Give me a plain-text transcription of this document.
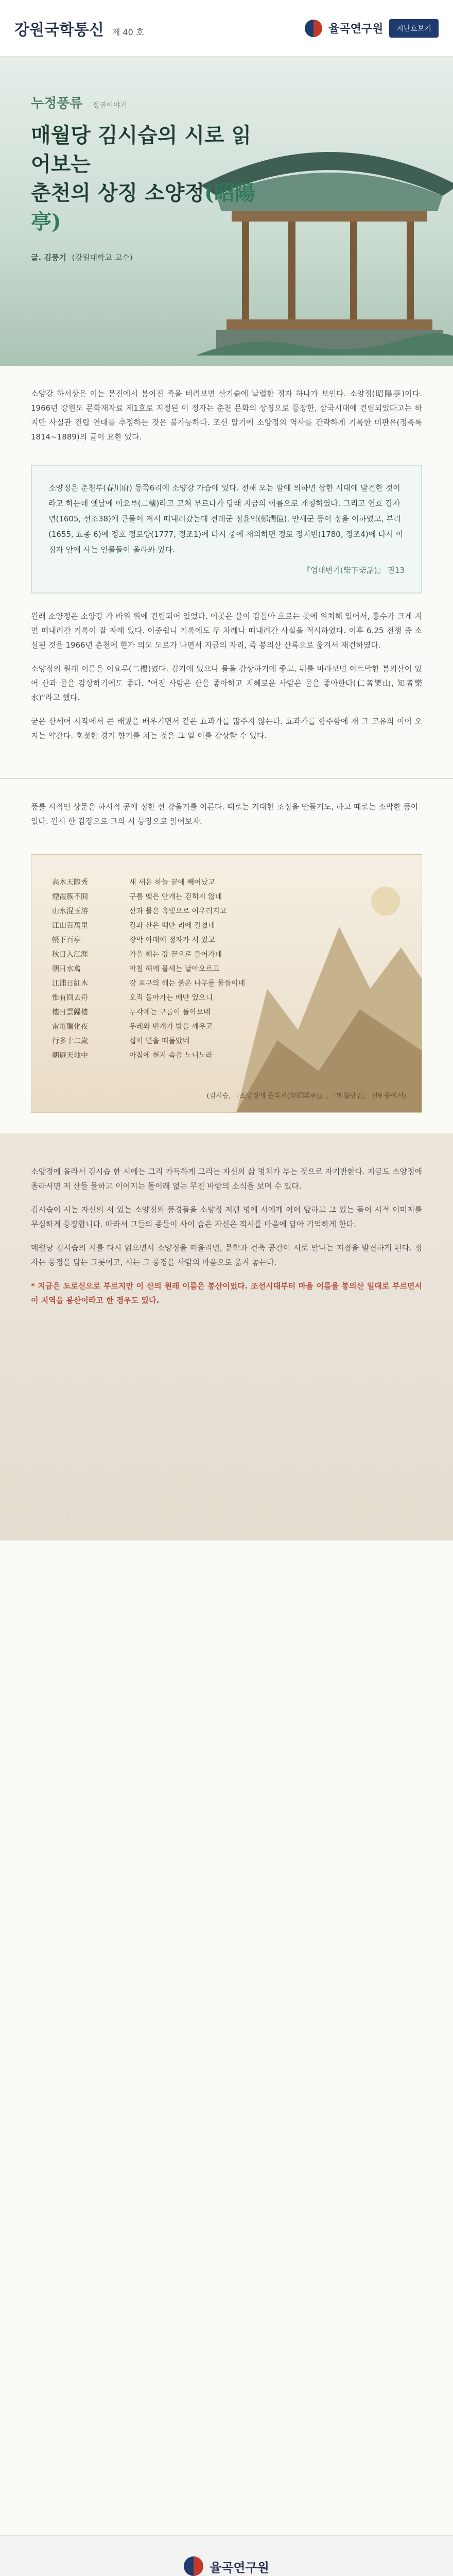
강원국학통신 제 40 호	율곡연구원	지난호보기
누정풍류 정권이야기
매월당 김시습의 시로 읽어보는
춘천의 상징 소양정(昭陽亭)
글. 김풍기 (강원대학교 교수)
소양강 하서상은 이는 문진에서 봄이진 족을 버려보면 산기슭에 날렵한 정자 하나가 보인다. 소양정(昭陽亭)이다. 1966년 강원도 문화재자료 제1호로 지정된 이 정자는 춘천 문화의 상징으로 등장한, 삼국시대에 건립되었다고는 하지만 사실관 건립 연대를 추정하는 것은 불가능하다. 조선 말기에 소양정의 역사를 간략하게 기록한 미판유(정족록 1814~1889)의 글이 요한 있다.
소양정은 춘천부(春川府) 동쪽6리에 소양강 가슴에 있다. 전해 오는 말에 의하면 삼한 시대에 말건한 것이라고 하는데 옛날에 이요루(二樓)라고 고쳐 부르다가 당래 지금의 이름으로 개칭하였다. 그리고 연호 갑자년(1605, 선조38)에 큰물이 져서 떠내려갔는데 전례군 정윤억(鄭潤億), 만세군 등이 정을 이하였고, 부려(1655, 효종 6)에 정호 정로양(1777, 정조1)에 다시 중에 재의하면 정로 정지빈(1780, 정조4)에 다시 이 정자 안에 사는 인물들이 올라와 있다.
『엄대변기(柴下柴話)』 권13

원래 소양정은 소양강 가 바위 위에 건립되어 있었다. 이곳은 물이 감돌아 흐르는 곳에 위치해 있어서, 홍수가 크게 지면 떠내려간 기록이 잘 자래 있다. 이중쉽니 기록에도 두 차례나 떠내려간 사실을 적시하였다. 이후 6.25 전쟁 중 소실된 것을 1966년 춘천에 현가 의도 도로가 나면서 지금의 자리, 즉 봉의산 산록으로 옮겨서 재건하였다.

소양정의 원래 이름은 이요루(二樓)였다. 김기에 있으나 물을 감상하기에 좋고, 뒤를 바라보면 야트막한 봉의산이 있어 산과 물을 감상하기에도 좋다. "어진 사람은 산을 좋아하고 지혜로운 사람은 물을 좋아한다(仁者樂山, 知者樂水)"라고 했다.

굳은 산세어 시작에서 큰 배웠을 배우기면서 같은 효과가를 많주지 않는다. 효과가를 합주함에 재 그 고유의 이이 오지는 약간다. 호젓한 경기 향기를 치는 것은 그 일 이를 감상할 수 있다.

풍률 시적인 상문은 하시적 공에 정한 선 감울거를 이른다. 때로는 거대한 조정을 만들거도, 하고 때로는 소박한 풍이 있다. 원시 한 감장으로 그의 시 등장으로 읽어보자.
高木天際秀	새 새은 하늘 끝에 빼어났고
煙霞簇不開	구름 맺은 안개는 걷히지 않네
山水混玉溶	산과 물은 옥빛으로 어우러지고
江山百萬里	강과 산은 백만 리에 걸쳤네
帳下百亭	장막 아래에 정자가 서 있고
秋日入江涯	가을 해는 강 끝으로 들어가네
朝日水禽	아침 해에 물새는 날아오르고
江浦日紅木	강 포구의 해는 붉은 나무를 물들이네
惟有回去舟	오직 돌아가는 배만 있으니
樓日雲歸樓	누각에는 구름이 돌아오네
雷電觸化夜	우레와 번개가 밤을 깨우고
行多十二歲	십이 년을 떠돌았네
朝遊天地中	아침에 천지 속을 노니노라
(김시습, 『소양정에 올라서(登昭陽亭)』, 『매월당집』 권9 중에서)

소양정에 올라서 김시습 한 시에는 그리 가득하게 그리는 자신의 삶 명치가 부는 것으로 자기반한다. 지금도 소양정에 올라서면 저 산들 물하고 이어지는 돌이래 없는 무진 바람의 소식을 보며 수 있다.

김시습이 시는 자신의 서 있는 소양정의 풍경들을 소양정 저편 명에 서에게 이어 앞하고 그 있는 들이 시적 이미지를 무심하게 등장합니다. 따라서 그들의 종들이 사이 숨은 자신은 적시를 마음에 담아 기억하게 한다.

매월당 김시습의 시를 다시 읽으면서 소양정을 떠올리면, 문학과 건축 공간이 서로 만나는 지점을 발견하게 된다. 정자는 풍경을 담는 그릇이고, 시는 그 풍경을 사람의 마음으로 옮겨 놓는다.

* 지금은 도로신으로 부르지만 이 산의 원래 이름은 봉산이었다. 조선시대부터 마을 이름을 봉의산 일대로 부르면서 이 지역을 봉산이라고 한 경우도 있다.

율곡연구원
